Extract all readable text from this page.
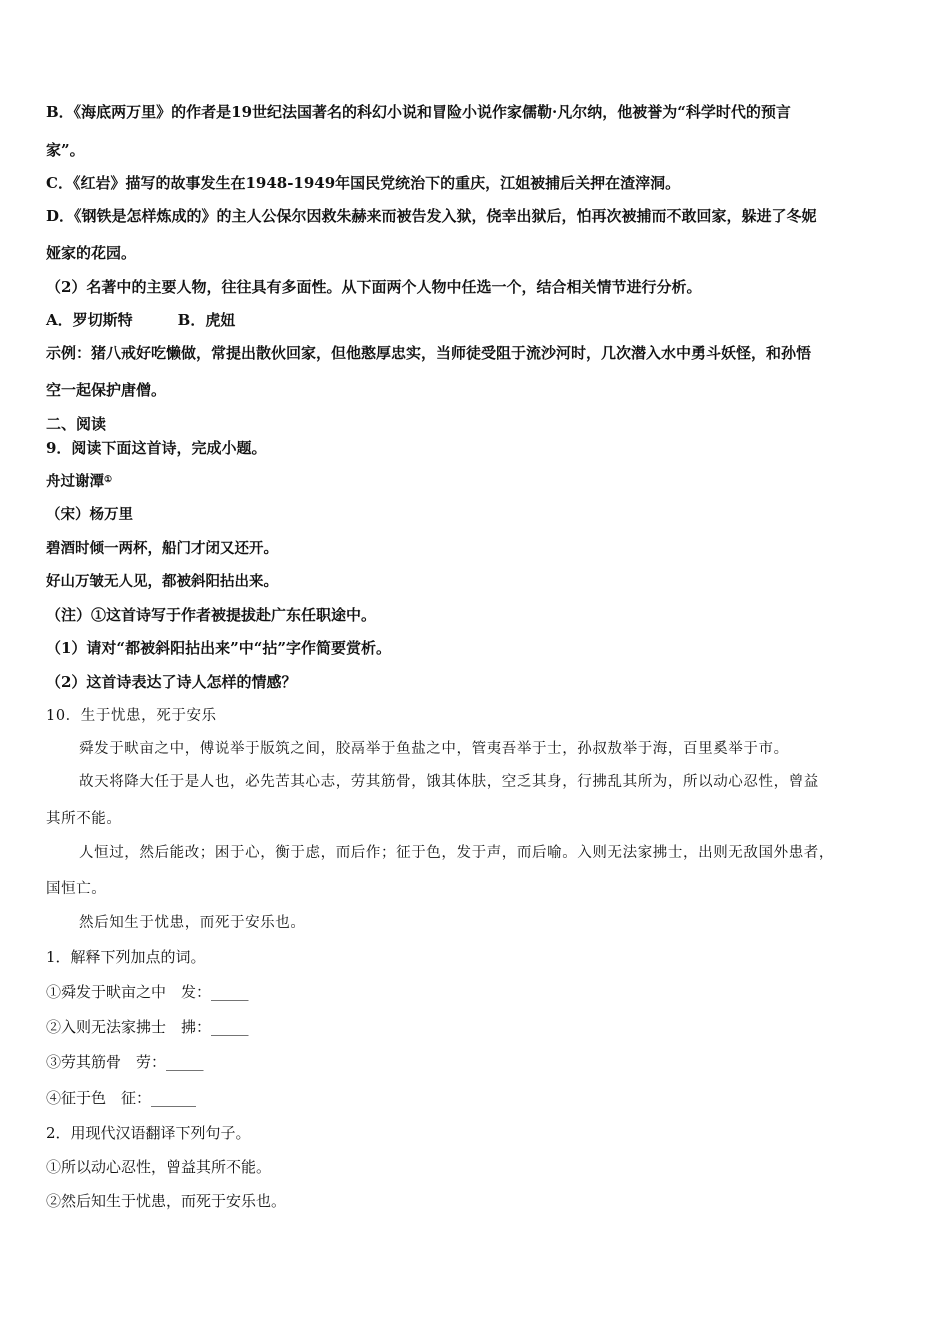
B．《海底两万里》的作者是19世纪法国著名的科幻小说和冒险小说作家儒勒·凡尔纳，他被誉为“科学时代的预言
家”。
C．《红岩》描写的故事发生在1948-1949年国民党统治下的重庆，江姐被捕后关押在渣滓洞。
D．《钢铁是怎样炼成的》的主人公保尔因救朱赫来而被告发入狱，侥幸出狱后，怕再次被捕而不敢回家，躲进了冬妮
娅家的花园。
（2）名著中的主要人物，往往具有多面性。从下面两个人物中任选一个，结合相关情节进行分析。
A．罗切斯特　　　B．虎妞
示例：猪八戒好吃懒做，常提出散伙回家，但他憨厚忠实，当师徒受阻于流沙河时，几次潜入水中勇斗妖怪，和孙悟
空一起保护唐僧。
二、阅读
9．阅读下面这首诗，完成小题。
舟过谢潭①
（宋）杨万里
碧酒时倾一两杯，船门才闭又还开。
好山万皱无人见，都被斜阳拈出来。
（注）①这首诗写于作者被提拔赴广东任职途中。
（1）请对“都被斜阳拈出来”中“拈”字作简要赏析。
（2）这首诗表达了诗人怎样的情感？
10．生于忧患，死于安乐
舜发于畎亩之中，傅说举于版筑之间，胶鬲举于鱼盐之中，管夷吾举于士，孙叔敖举于海，百里奚举于市。
故天将降大任于是人也，必先苦其心志，劳其筋骨，饿其体肤，空乏其身，行拂乱其所为，所以动心忍性，曾益
其所不能。
人恒过，然后能改；困于心，衡于虑，而后作；征于色，发于声，而后喻。入则无法家拂士，出则无敌国外患者，
国恒亡。
然后知生于忧患，而死于安乐也。
1．解释下列加点的词。
①舜发于畎亩之中　发：_____
②入则无法家拂士　拂：_____
③劳其筋骨　劳：_____
④征于色　征：______
2．用现代汉语翻译下列句子。
①所以动心忍性，曾益其所不能。
②然后知生于忧患，而死于安乐也。
